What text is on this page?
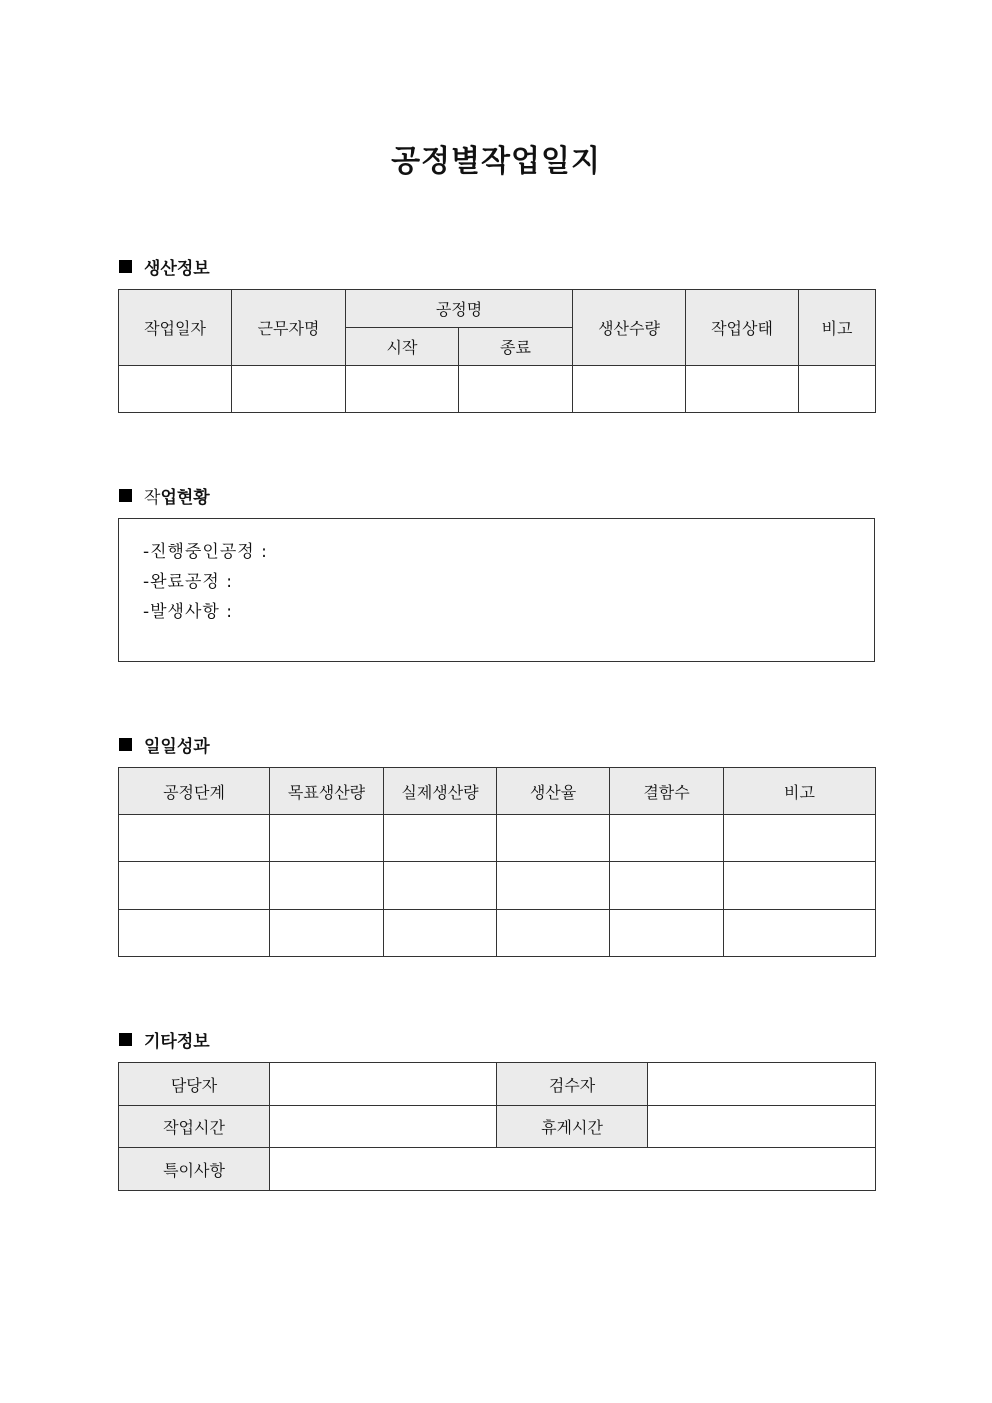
공정별작업일지
생산정보
작업일자	근무자명	공정명		생산수량	작업상태	비고
		시작	종료			

작 업현황
-진행중인공정 :
-완료공정 :
-발생사항 :
일일성과
공정단계	목표생산량	실제생산량	생산율	결함수	비고

기타정보
담당자		검수자	
작업시간		휴게시간	
특이사항			
